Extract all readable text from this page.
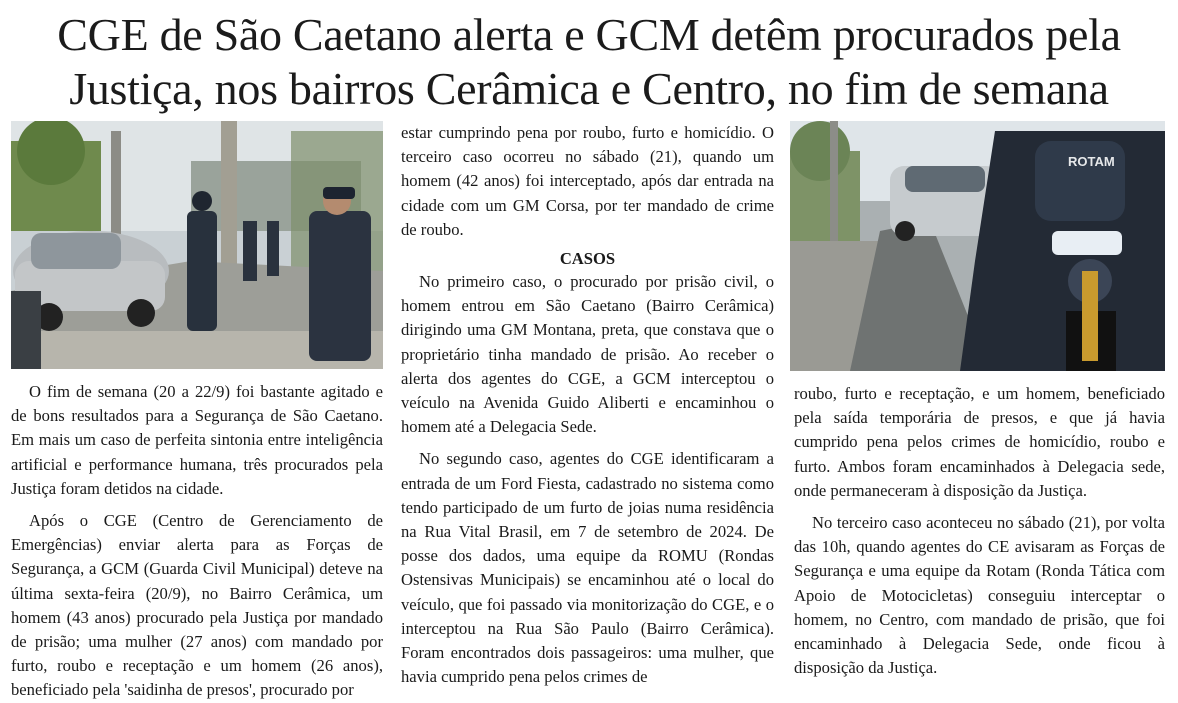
CGE de São Caetano alerta e GCM detêm procurados pela Justiça, nos bairros Cerâmica e Centro, no fim de semana
ROTAM

O fim de semana (20 a 22/9) foi bastante agitado e de bons resultados para a Segurança de São Caetano. Em mais um caso de perfeita sintonia entre inteligência artificial e performance humana, três procurados pela Justiça foram detidos na cidade.

Após o CGE (Centro de Gerenciamento de Emergências) enviar alerta para as Forças de Segurança, a GCM (Guarda Civil Municipal) deteve na última sexta-feira (20/9), no Bairro Cerâmica, um homem (43 anos) procurado pela Justiça por mandado de prisão; uma mulher (27 anos) com mandado por furto, roubo e receptação e um homem (26 anos), beneficiado pela 'saidinha de presos', procurado por

estar cumprindo pena por roubo, furto e homicídio. O terceiro caso ocorreu no sábado (21), quando um homem (42 anos) foi interceptado, após dar entrada na cidade com um GM Corsa, por ter mandado de crime de roubo.

CASOS

No primeiro caso, o procurado por prisão civil, o homem entrou em São Caetano (Bairro Cerâmica) dirigindo uma GM Montana, preta, que constava que o proprietário tinha mandado de prisão. Ao receber o alerta dos agentes do CGE, a GCM interceptou o veículo na Avenida Guido Aliberti e encaminhou o homem até a Delegacia Sede.

No segundo caso, agentes do CGE identificaram a entrada de um Ford Fiesta, cadastrado no sistema como tendo participado de um furto de joias numa residência na Rua Vital Brasil, em 7 de setembro de 2024. De posse dos dados, uma equipe da ROMU (Rondas Ostensivas Municipais) se encaminhou até o local do veículo, que foi passado via monitorização do CGE, e o interceptou na Rua São Paulo (Bairro Cerâmica). Foram encontrados dois passageiros: uma mulher, que havia cumprido pena pelos crimes de

roubo, furto e receptação, e um homem, beneficiado pela saída temporária de presos, e que já havia cumprido pena pelos crimes de homicídio, roubo e furto. Ambos foram encaminhados à Delegacia sede, onde permaneceram à disposição da Justiça.

No terceiro caso aconteceu no sábado (21), por volta das 10h, quando agentes do CE avisaram as Forças de Segurança e uma equipe da Rotam (Ronda Tática com Apoio de Motocicletas) conseguiu interceptar o homem, no Centro, com mandado de prisão, que foi encaminhado à Delegacia Sede, onde ficou à disposição da Justiça.
